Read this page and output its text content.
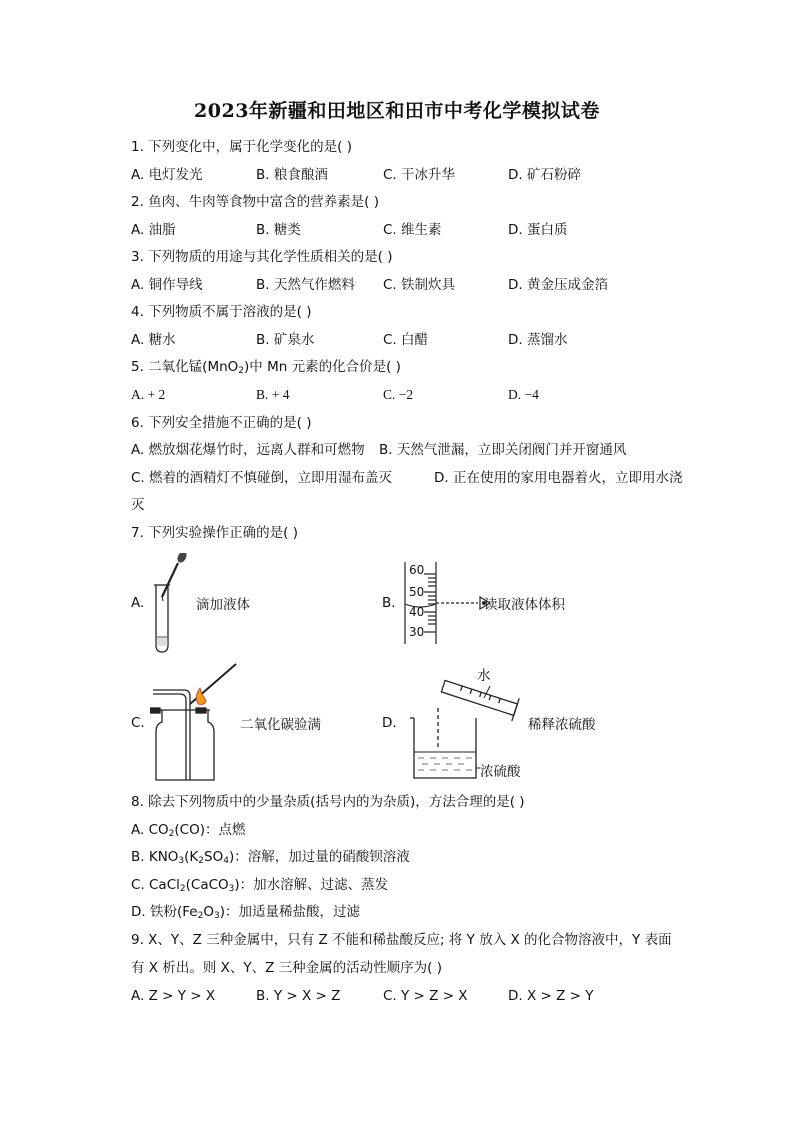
2023年新疆和田地区和田市中考化学模拟试卷
1. 下列变化中，属于化学变化的是( )
A. 电灯发光	B. 粮食酿酒	C. 干冰升华	D. 矿石粉碎
2. 鱼肉、牛肉等食物中富含的营养素是( )
A. 油脂	B. 糖类	C. 维生素	D. 蛋白质
3. 下列物质的用途与其化学性质相关的是( )
A. 铜作导线	B. 天然气作燃料 C. 铁制炊具	D. 黄金压成金箔
4. 下列物质不属于溶液的是( )
A. 糖水	B. 矿泉水	C. 白醋	D. 蒸馏水
5. 二氧化锰(MnO$_2$)中 Mn 元素的化合价是( )
A. + 2	B. + 4	C. −2	D. −4
6. 下列安全措施不正确的是( )
A. 燃放烟花爆竹时，远离人群和可燃物 B. 天然气泄漏，立即关闭阀门并开窗通风
C. 燃着的酒精灯不慎碰倒，立即用湿布盖灭	D. 正在使用的家用电器着火，立即用水浇
灭
7. 下列实验操作正确的是( )
A.	滴加液体	B.
60
50
40
30
读取液体体积
C.	二氧化碳验满	D.
水
稀释浓硫酸
浓硫酸
8. 除去下列物质中的少量杂质(括号内的为杂质)，方法合理的是( )
A. $CO_2(CO)$：点燃
B. $KNO_3(K_2SO_4)$：溶解，加过量的硝酸钡溶液
C. CaCl$_2$(CaCO$_3$)：加水溶解、过滤、蒸发
D. 铁粉$(Fe_2O_3)$：加适量稀盐酸，过滤
9. X、Y、Z 三种金属中，只有 Z 不能和稀盐酸反应; 将 Y 放入 X 的化合物溶液中，Y 表面
有 X 析出。则 X、Y、Z 三种金属的活动性顺序为( )
A. Z > Y > X	B. Y > X > Z	C. Y > Z > X	D. X > Z > Y
